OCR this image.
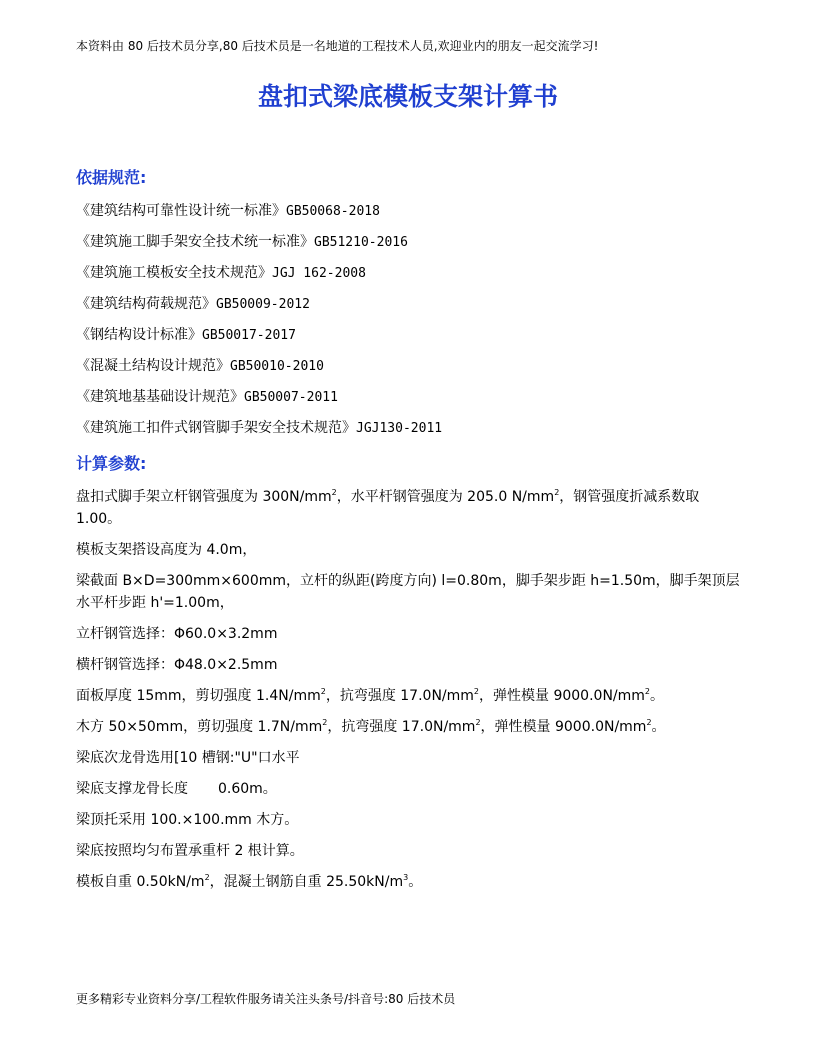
本资料由 80 后技术员分享,80 后技术员是一名地道的工程技术人员,欢迎业内的朋友一起交流学习!
盘扣式梁底模板支架计算书
依据规范:
《建筑结构可靠性设计统一标准》GB50068-2018
《建筑施工脚手架安全技术统一标准》GB51210-2016
《建筑施工模板安全技术规范》JGJ 162-2008
《建筑结构荷载规范》GB50009-2012
《钢结构设计标准》GB50017-2017
《混凝土结构设计规范》GB50010-2010
《建筑地基基础设计规范》GB50007-2011
《建筑施工扣件式钢管脚手架安全技术规范》JGJ130-2011
计算参数:

盘扣式脚手架立杆钢管强度为 $300N/mm^2$，水平杆钢管强度为 205.0 $N/mm^2$，钢管强度折减系数取 1.00。

模板支架搭设高度为 4.0m，

梁截面 B×D=300mm×600mm，立杆的纵距(跨度方向) l=0.80m，脚手架步距 h=1.50m，脚手架顶层水平杆步距 h'=1.00m，

立杆钢管选择：Φ60.0×3.2mm

横杆钢管选择：Φ48.0×2.5mm

面板厚度 15mm，剪切强度 $1.4N/mm^2$，抗弯强度 $17.0N/mm^2$，弹性模量 $9000.0N/mm^2$。

木方 50×50mm，剪切强度 $1.7N/mm^2$，抗弯强度 $17.0N/mm^2$，弹性模量 $9000.0N/mm^2$。

梁底次龙骨选用[10 槽钢:"U"口水平

梁底支撑龙骨长度 0.60m。

梁顶托采用 100.×100.mm 木方。

梁底按照均匀布置承重杆 2 根计算。

模板自重 $0.50kN/m^2$，混凝土钢筋自重 $25.50kN/m^3$。

更多精彩专业资料分享/工程软件服务请关注头条号/抖音号:80 后技术员
